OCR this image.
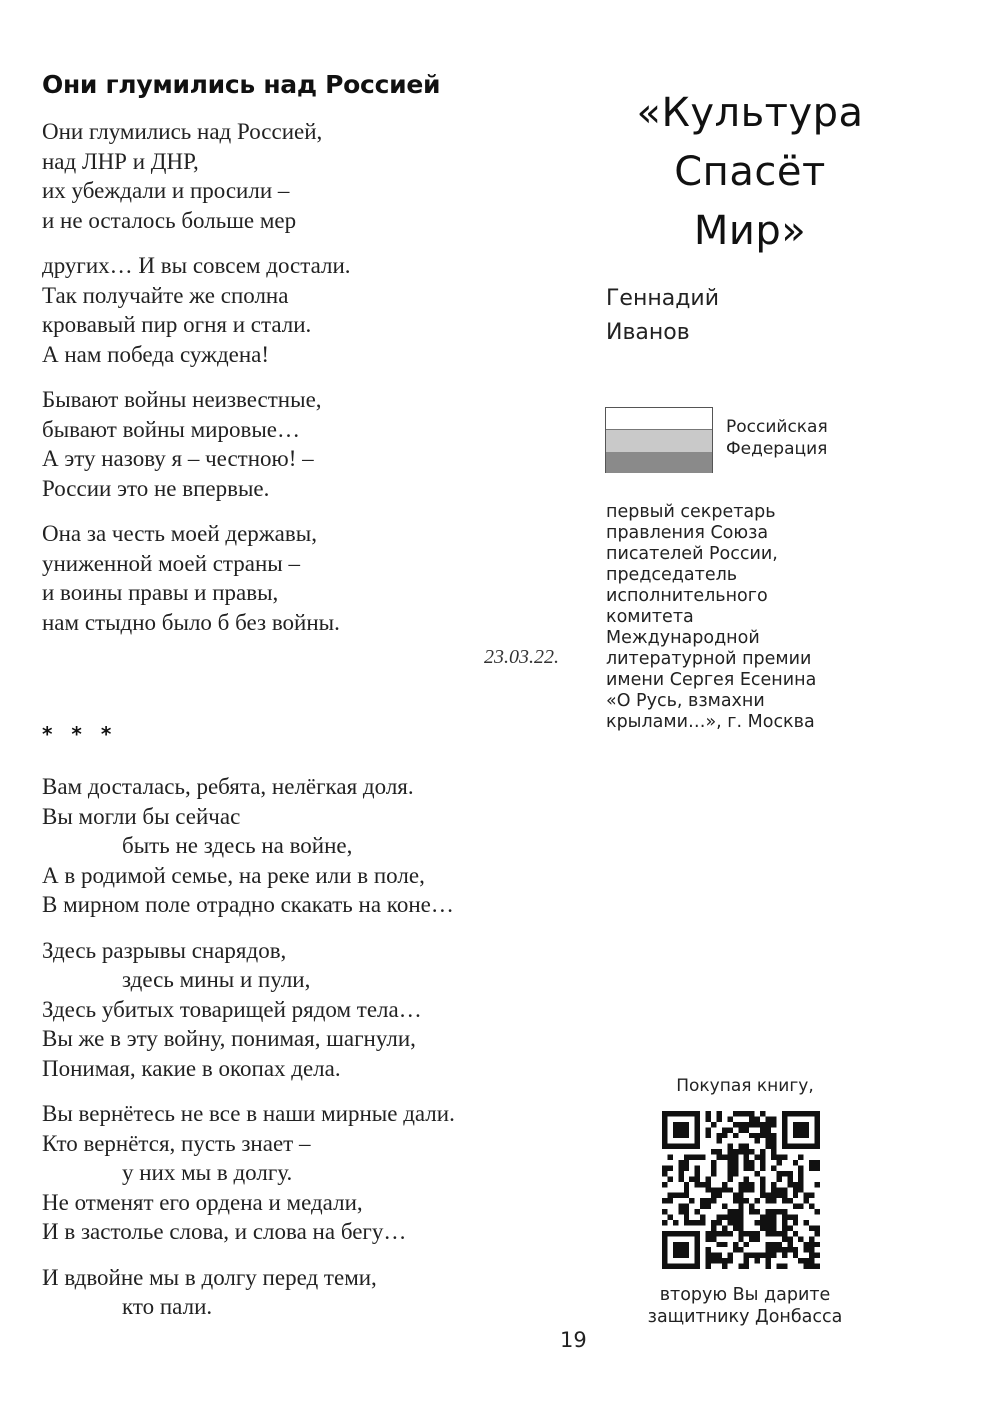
Они глумились над Россией
Они глумились над Россией,
над ЛНР и ДНР,
их убеждали и просили –
и не осталось больше мер
других… И вы совсем достали.
Так получайте же сполна
кровавый пир огня и стали.
А нам победа суждена!
Бывают войны неизвестные,
бывают войны мировые…
А эту назову я – честною! –
России это не впервые.
Она за честь моей державы,
униженной моей страны –
и воины правы и правы,
нам стыдно было б без войны.
23.03.22.
* * *
Вам досталась, ребята, нелёгкая доля.
Вы могли бы сейчас
быть не здесь на войне,
А в родимой семье, на реке или в поле,
В мирном поле отрадно скакать на коне…
Здесь разрывы снарядов,
здесь мины и пули,
Здесь убитых товарищей рядом тела…
Вы же в эту войну, понимая, шагнули,
Понимая, какие в окопах дела.
Вы вернётесь не все в наши мирные дали.
Кто вернётся, пусть знает –
у них мы в долгу.
Не отменят его ордена и медали,
И в застолье слова, и слова на бегу…
И вдвойне мы в долгу перед теми,
кто пали.
«Культура
Спасёт
Мир»
Геннадий
Иванов
Российская
Федерация
первый секретарь
правления Союза
писателей России,
председатель
исполнительного
комитета
Международной
литературной премии
имени Сергея Есенина
«О Русь, взмахни
крылами…», г. Москва
Покупая книгу,
вторую Вы дарите
защитнику Донбасса
19
